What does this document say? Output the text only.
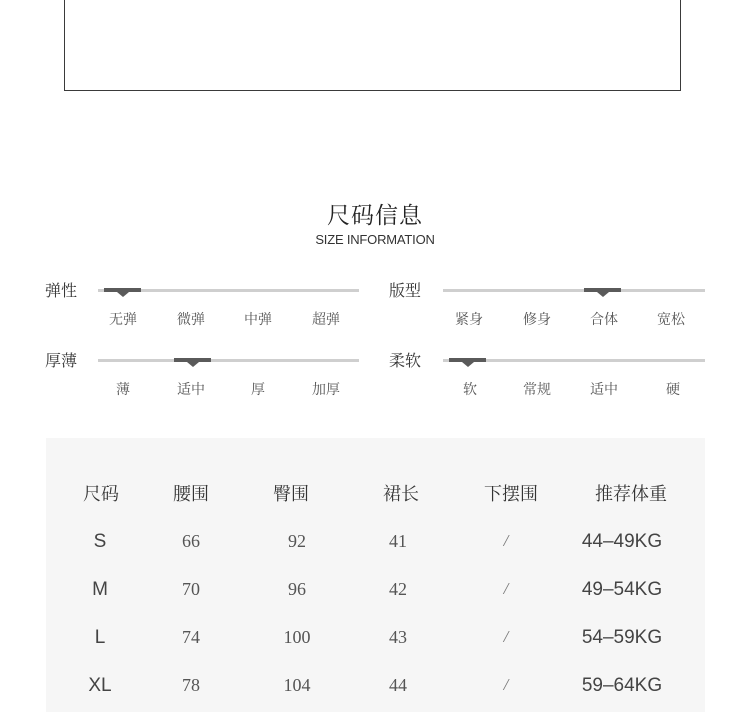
尺码信息
SIZE INFORMATION
弹性
无弹	微弹	中弹	超弹
版型
紧身	修身	合体	宽松
厚薄
薄	适中	厚	加厚
柔软
软	常规	适中	硬
尺码	腰围	臀围	裙长	下摆围	推荐体重
S	66	92	41	/	44–49KG
M	70	96	42	/	49–54KG
L	74	100	43	/	54–59KG
XL	78	104	44	/	59–64KG
